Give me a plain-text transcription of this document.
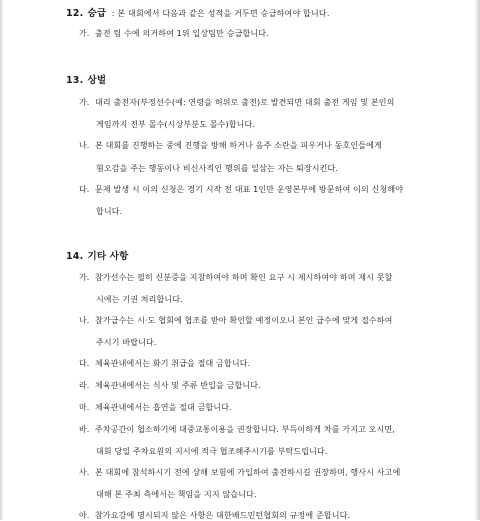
12. 승급 : 본 대회에서 다음과 같은 성적을 거두면 승급하여야 합니다.
가. 출전 팀 수에 의거하여 1위 입상팀만 승급합니다.
13. 상벌
가. 대리 출전자(부정선수(예: 연령을 허위로 출전)로 발견되면 대회 출전 게임 및 본인의
게임까지 전부 몰수(시상부분도 몰수)합니다.
나. 본 대회를 진행하는 중에 진행을 방해 하거나 음주 소란을 피우거나 동호인들에게
혐오감을 주는 행동이나 비신사적인 행위를 일삼는 자는 퇴장시킨다.
다. 문제 발생 시 이의 신청은 경기 시작 전 대표 1인만 운영본부에 방문하여 이의 신청해야
합니다.
14. 기타 사항
가. 참가선수는 필히 신분증을 지참하여야 하며 확인 요구 시 제시하여야 하며 제시 못할
시에는 기권 처리합니다.
나. 참가급수는 시·도 협회에 협조를 받아 확인할 예정이오니 본인 급수에 맞게 접수하여
주시기 바랍니다.
다. 체육관내에서는 화기 취급을 절대 금합니다.
라. 체육관내에서는 식사 및 주류 반입을 금합니다.
마. 체육관내에서는 흡연을 절대 금합니다.
바. 주차공간이 협소하기에 대중교통이용을 권장합니다. 부득이하게 차를 가지고 오시면,
대회 당일 주차요원의 지시에 적극 협조해주시기를 부탁드립니다.
사. 본 대회에 참석하시기 전에 상해 보험에 가입하여 출전하시길 권장하며, 행사시 사고에
대해 본 주최 측에서는 책임을 지지 않습니다.
아. 참가요강에 명시되지 않은 사항은 대한배드민턴협회의 규정에 준합니다.
